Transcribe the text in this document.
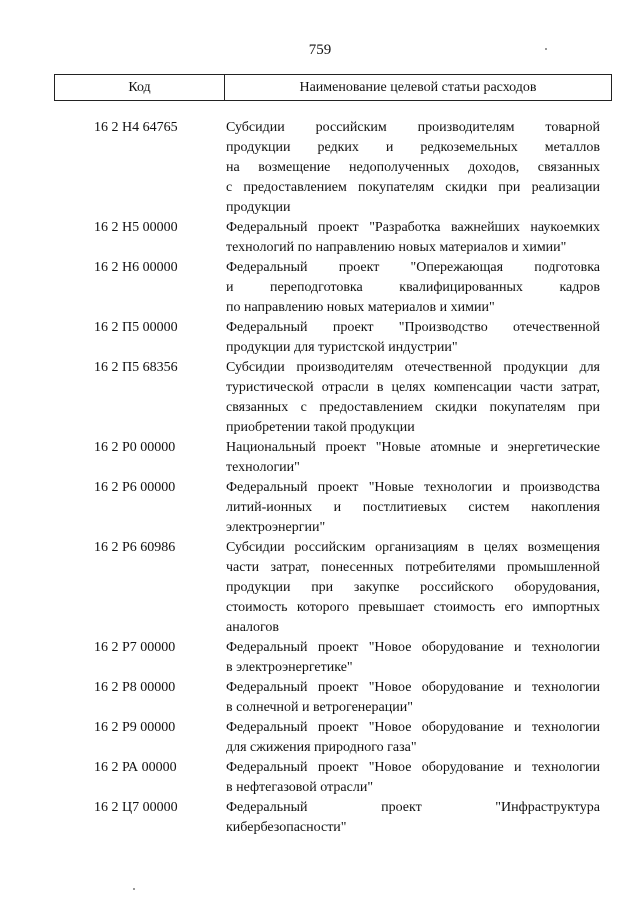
759
Код	Наименование целевой статьи расходов
16 2 Н4 64765	Субсидии российским производителям товарной
продукции редких и редкоземельных металлов
на возмещение недополученных доходов, связанных
с предоставлением покупателям скидки при реализации
продукции
16 2 Н5 00000	Федеральный проект "Разработка важнейших наукоемких
технологий по направлению новых материалов и химии"
16 2 Н6 00000	Федеральный проект "Опережающая подготовка
и переподготовка квалифицированных кадров
по направлению новых материалов и химии"
16 2 П5 00000	Федеральный проект "Производство отечественной
продукции для туристской индустрии"
16 2 П5 68356	Субсидии производителям отечественной продукции для
туристической отрасли в целях компенсации части затрат,
связанных с предоставлением скидки покупателям при
приобретении такой продукции
16 2 Р0 00000	Национальный проект "Новые атомные и энергетические
технологии"
16 2 Р6 00000	Федеральный проект "Новые технологии и производства
литий-ионных и постлитиевых систем накопления
электроэнергии"
16 2 Р6 60986	Субсидии российским организациям в целях возмещения
части затрат, понесенных потребителями промышленной
продукции при закупке российского оборудования,
стоимость которого превышает стоимость его импортных
аналогов
16 2 Р7 00000	Федеральный проект "Новое оборудование и технологии
в электроэнергетике"
16 2 Р8 00000	Федеральный проект "Новое оборудование и технологии
в солнечной и ветрогенерации"
16 2 Р9 00000	Федеральный проект "Новое оборудование и технологии
для сжижения природного газа"
16 2 РА 00000	Федеральный проект "Новое оборудование и технологии
в нефтегазовой отрасли"
16 2 Ц7 00000	Федеральный проект "Инфраструктура
кибербезопасности"
